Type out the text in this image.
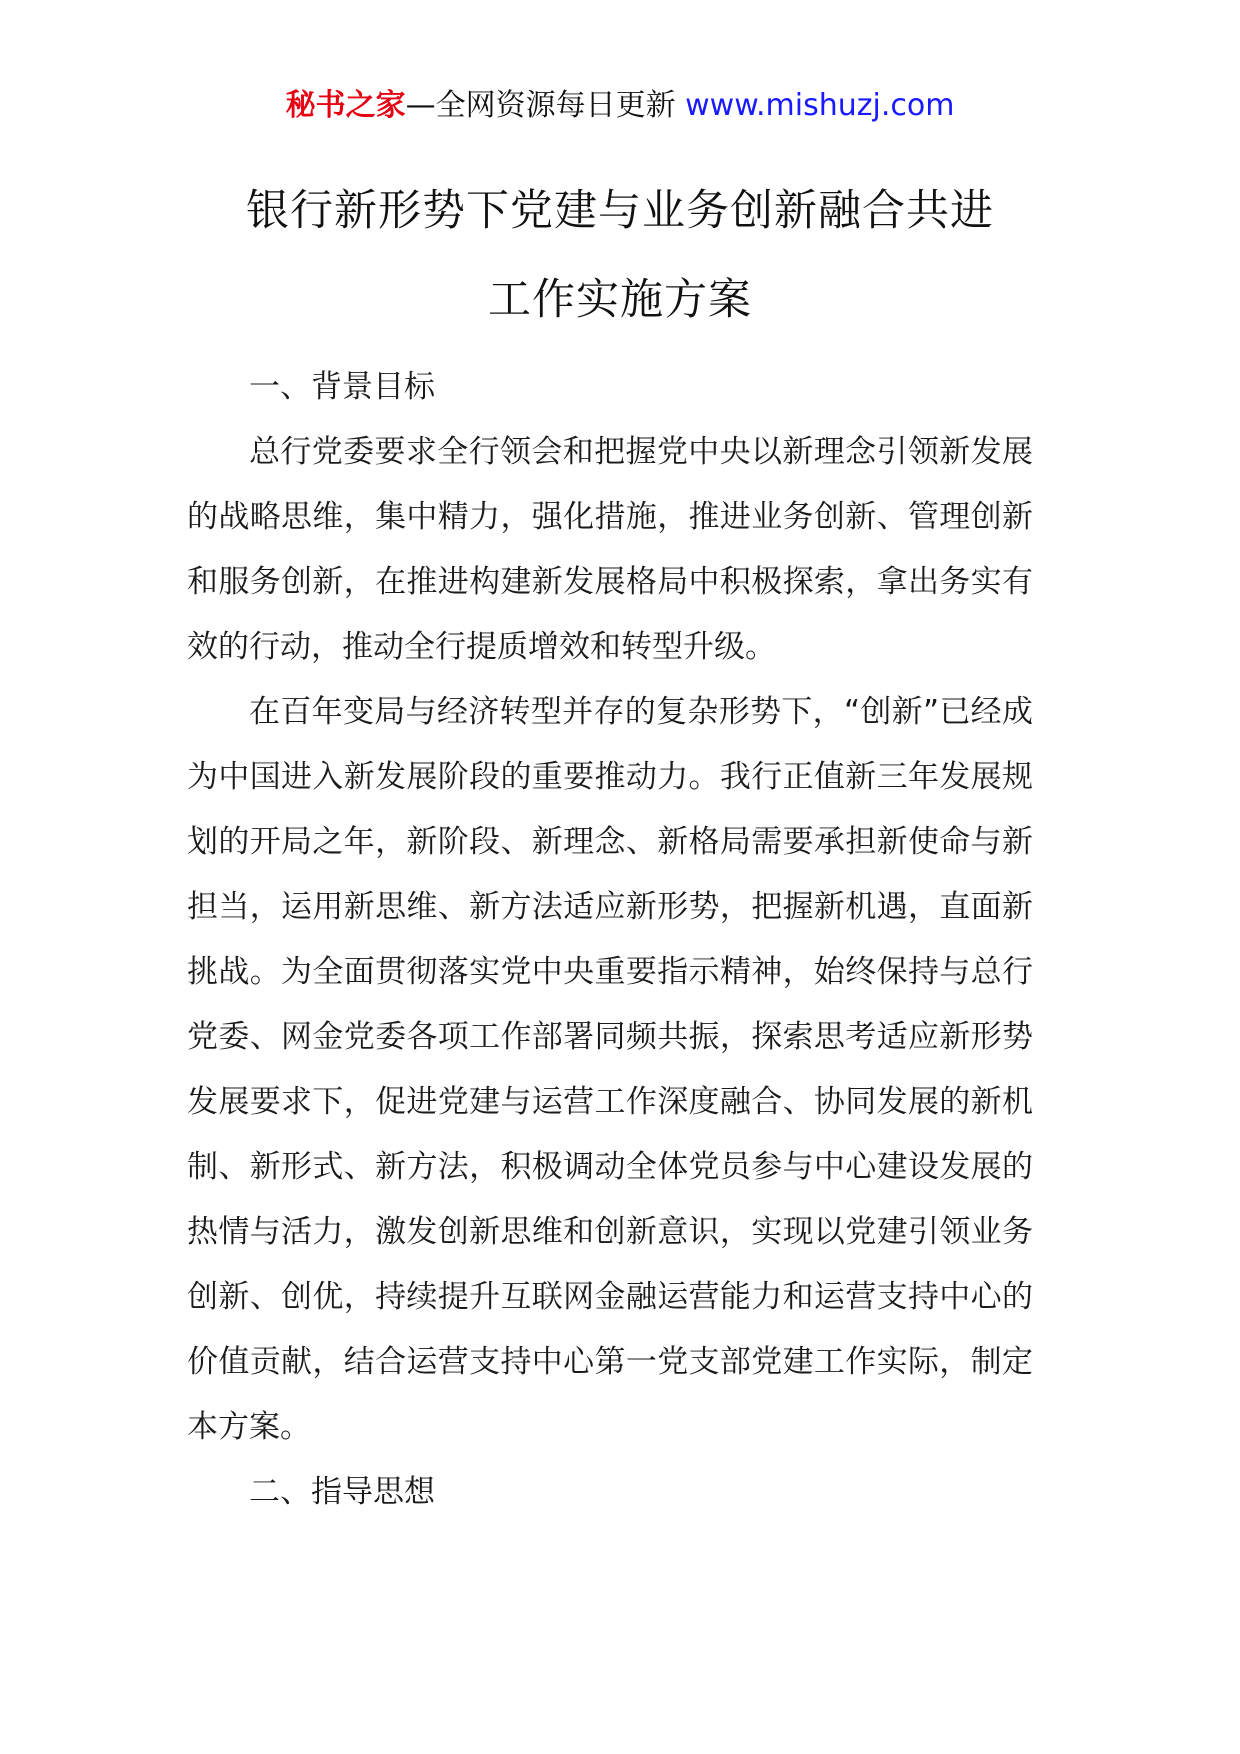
秘书之家—全网资源每日更新 www.mishuzj.com
银行新形势下党建与业务创新融合共进
工作实施方案
一、背景目标

总行党委要求全行领会和把握党中央以新理念引领新发展的战略思维，集中精力，强化措施，推进业务创新、管理创新和服务创新，在推进构建新发展格局中积极探索，拿出务实有效的行动，推动全行提质增效和转型升级。

在百年变局与经济转型并存的复杂形势下，“创新”已经成为中国进入新发展阶段的重要推动力。我行正值新三年发展规划的开局之年，新阶段、新理念、新格局需要承担新使命与新担当，运用新思维、新方法适应新形势，把握新机遇，直面新挑战。为全面贯彻落实党中央重要指示精神，始终保持与总行党委、网金党委各项工作部署同频共振，探索思考适应新形势发展要求下，促进党建与运营工作深度融合、协同发展的新机制、新形式、新方法，积极调动全体党员参与中心建设发展的热情与活力，激发创新思维和创新意识，实现以党建引领业务创新、创优，持续提升互联网金融运营能力和运营支持中心的价值贡献，结合运营支持中心第一党支部党建工作实际，制定本方案。

二、指导思想
